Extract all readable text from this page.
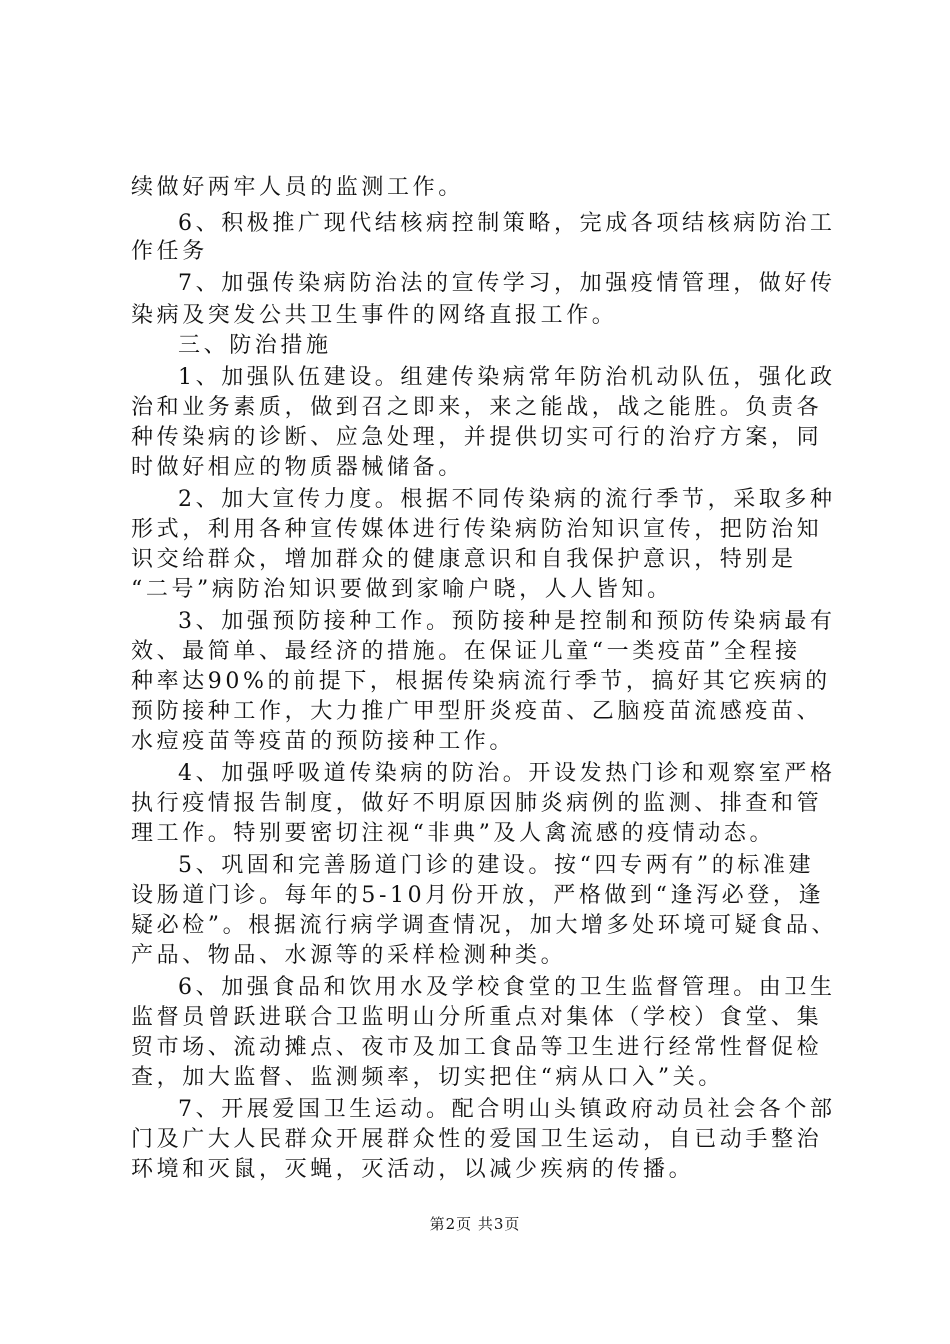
续做好两牢人员的监测工作。
6、积极推广现代结核病控制策略，完成各项结核病防治工
作任务
7、加强传染病防治法的宣传学习，加强疫情管理，做好传
染病及突发公共卫生事件的网络直报工作。
三、防治措施
1、加强队伍建设。组建传染病常年防治机动队伍，强化政
治和业务素质，做到召之即来，来之能战，战之能胜。负责各
种传染病的诊断、应急处理，并提供切实可行的治疗方案，同
时做好相应的物质器械储备。
2、加大宣传力度。根据不同传染病的流行季节，采取多种
形式，利用各种宣传媒体进行传染病防治知识宣传，把防治知
识交给群众，增加群众的健康意识和自我保护意识，特别是
“二号”病防治知识要做到家喻户晓，人人皆知。
3、加强预防接种工作。预防接种是控制和预防传染病最有
效、最简单、最经济的措施。在保证儿童“一类疫苗”全程接
种率达90%的前提下，根据传染病流行季节，搞好其它疾病的
预防接种工作，大力推广甲型肝炎疫苗、乙脑疫苗流感疫苗、
水痘疫苗等疫苗的预防接种工作。
4、加强呼吸道传染病的防治。开设发热门诊和观察室严格
执行疫情报告制度，做好不明原因肺炎病例的监测、排查和管
理工作。特别要密切注视“非典”及人禽流感的疫情动态。
5、巩固和完善肠道门诊的建设。按“四专两有”的标准建
设肠道门诊。每年的5-10月份开放，严格做到“逢泻必登，逢
疑必检”。根据流行病学调查情况，加大增多处环境可疑食品、
产品、物品、水源等的采样检测种类。
6、加强食品和饮用水及学校食堂的卫生监督管理。由卫生
监督员曾跃进联合卫监明山分所重点对集体（学校）食堂、集
贸市场、流动摊点、夜市及加工食品等卫生进行经常性督促检
查，加大监督、监测频率，切实把住“病从口入”关。
7、开展爱国卫生运动。配合明山头镇政府动员社会各个部
门及广大人民群众开展群众性的爱国卫生运动，自已动手整治
环境和灭鼠，灭蝇，灭活动，以减少疾病的传播。
第2页 共3页
